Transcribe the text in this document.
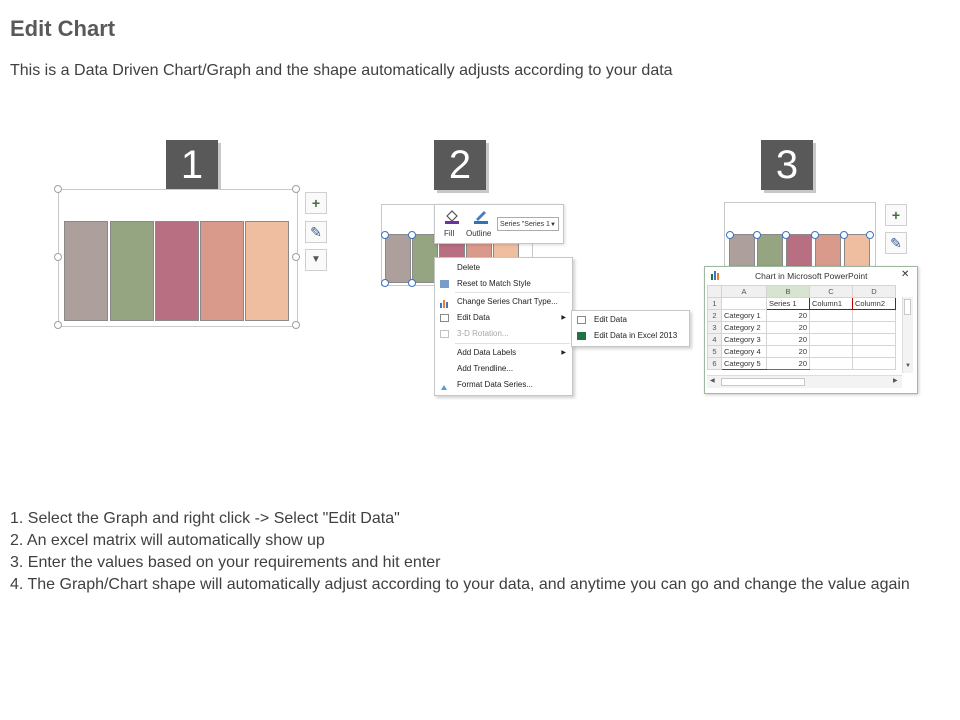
Edit Chart
This is a Data Driven Chart/Graph and the shape automatically adjusts according to your data
1	2	3
+
✎
▼
Fill Outline
Series "Series 1 ▼
Delete
Reset to Match Style
Change Series Chart Type...
Edit Data	▶
3-D Rotation...
Add Data Labels	▶
Add Trendline...
Format Data Series...
Edit Data
Edit Data in Excel 2013
+
✎
Chart in Microsoft PowerPoint	✕
	A	B	C	D
1		Series 1	Column1	Column2
2	Category 1	20		
3	Category 2	20		
4	Category 3	20		
5	Category 4	20		
6	Category 5	20			▼
◀	▶
1. Select the Graph and right click -> Select "Edit Data"
2. An excel matrix will automatically show up
3. Enter the values based on your requirements and hit enter
4. The Graph/Chart shape will automatically adjust according to your data, and anytime you can go and change the value again
